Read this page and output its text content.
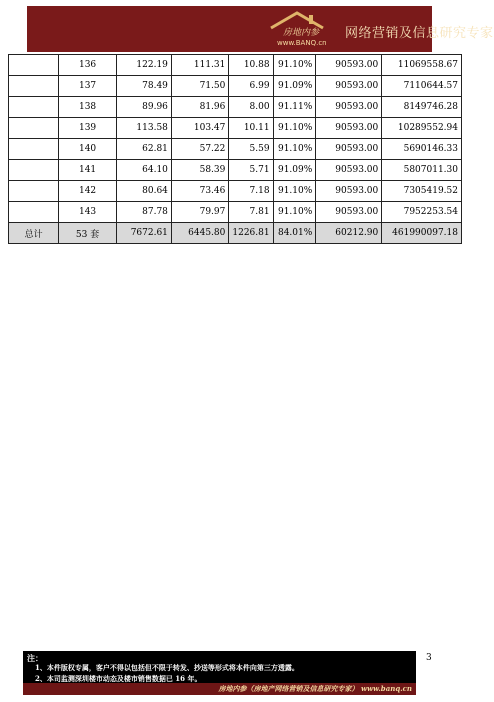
房地内参
www.BANQ.cn
网络营销及信息研究专家
	136	122.19	111.31	10.88	91.10%	90593.00	11069558.67
	137	78.49	71.50	6.99	91.09%	90593.00	7110644.57
	138	89.96	81.96	8.00	91.11%	90593.00	8149746.28
	139	113.58	103.47	10.11	91.10%	90593.00	10289552.94
	140	62.81	57.22	5.59	91.10%	90593.00	5690146.33
	141	64.10	58.39	5.71	91.09%	90593.00	5807011.30
	142	80.64	73.46	7.18	91.10%	90593.00	7305419.52
	143	87.78	79.97	7.81	91.10%	90593.00	7952253.54
总计	53 套	7672.61	6445.80	1226.81	84.01%	60212.90	461990097.18
3
注：
1、本件版权专属，客户不得以包括但不限于转发、抄送等形式将本件向第三方透露。
2、本司监测深圳楼市动态及楼市销售数据已 16 年。
房地内参（房地产网络营销及信息研究专家） www.banq.cn
